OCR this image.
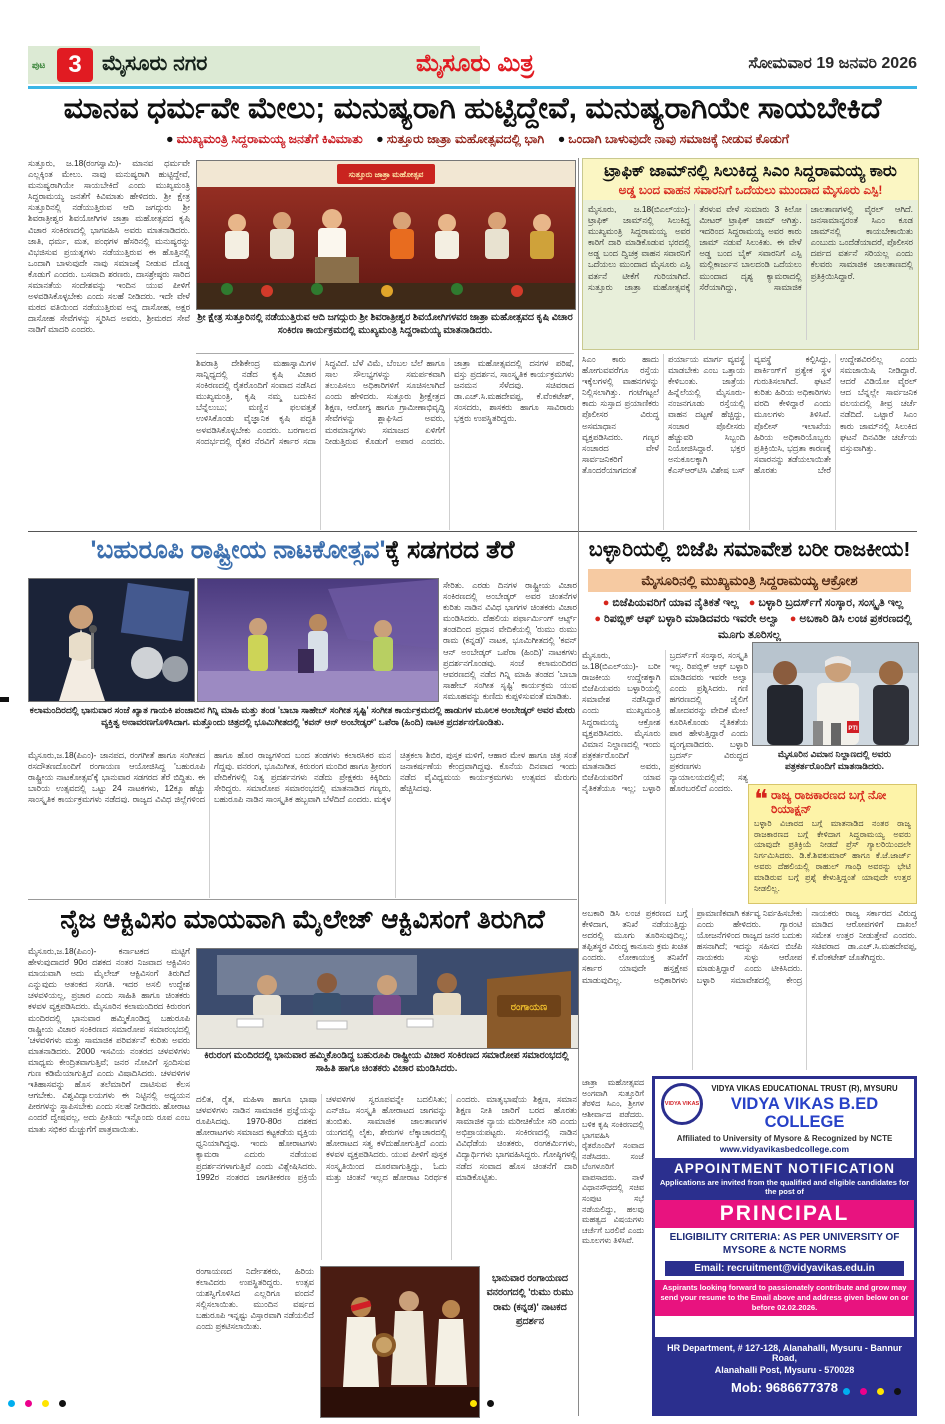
ಪುಟ 3 ಮೈಸೂರು ನಗರ	ಮೈಸೂರು ಮಿತ್ರ	ಸೋಮವಾರ 19 ಜನವರಿ 2026
ಮಾನವ ಧರ್ಮವೇ ಮೇಲು; ಮನುಷ್ಯರಾಗಿ ಹುಟ್ಟಿದ್ದೇವೆ, ಮನುಷ್ಯರಾಗಿಯೇ ಸಾಯಬೇಕಿದೆ
● ಮುಖ್ಯಮಂತ್ರಿ ಸಿದ್ದರಾಮಯ್ಯ ಜನತೆಗೆ ಕಿವಿಮಾತು ● ಸುತ್ತೂರು ಜಾತ್ರಾ ಮಹೋತ್ಸವದಲ್ಲಿ ಭಾಗಿ ● ಒಂದಾಗಿ ಬಾಳುವುದೇ ನಾವು ಸಮಾಜಕ್ಕೆ ನೀಡುವ ಕೊಡುಗೆ
ಸುತ್ತೂರು, ಜ.18(ರಂಗಸ್ವಾಮಿ)- ಮಾನವ ಧರ್ಮವೇ ಎಲ್ಲಕ್ಕಿಂತ ಮೇಲು. ನಾವು ಮನುಷ್ಯರಾಗಿ ಹುಟ್ಟಿದ್ದೇವೆ, ಮನುಷ್ಯರಾಗಿಯೇ ಸಾಯಬೇಕಿದೆ ಎಂದು ಮುಖ್ಯಮಂತ್ರಿ ಸಿದ್ದರಾಮಯ್ಯ ಜನತೆಗೆ ಕಿವಿಮಾತು ಹೇಳಿದರು. ಶ್ರೀ ಕ್ಷೇತ್ರ ಸುತ್ತೂರಿನಲ್ಲಿ ನಡೆಯುತ್ತಿರುವ ಆದಿ ಜಗದ್ಗುರು ಶ್ರೀ ಶಿವರಾತ್ರೀಶ್ವರ ಶಿವಯೋಗಿಗಳ ಜಾತ್ರಾ ಮಹೋತ್ಸವದ ಕೃಷಿ ವಿಚಾರ ಸಂಕಿರಣದಲ್ಲಿ ಭಾಗವಹಿಸಿ ಅವರು ಮಾತನಾಡಿದರು. ಜಾತಿ, ಧರ್ಮ, ಮತ, ಪಂಥಗಳ ಹೆಸರಿನಲ್ಲಿ ಮನುಷ್ಯರನ್ನು ವಿಭಜಿಸುವ ಪ್ರಯತ್ನಗಳು ನಡೆಯುತ್ತಿರುವ ಈ ಹೊತ್ತಿನಲ್ಲಿ ಒಂದಾಗಿ ಬಾಳುವುದೇ ನಾವು ಸಮಾಜಕ್ಕೆ ನೀಡುವ ದೊಡ್ಡ ಕೊಡುಗೆ ಎಂದರು. ಬಸವಾದಿ ಶರಣರು, ದಾಸಶ್ರೇಷ್ಠರು ಸಾರಿದ ಸಮಾನತೆಯ ಸಂದೇಶವನ್ನು ಇಂದಿನ ಯುವ ಪೀಳಿಗೆ ಅಳವಡಿಸಿಕೊಳ್ಳಬೇಕು ಎಂದು ಸಲಹೆ ನೀಡಿದರು. ಇದೇ ವೇಳೆ ಮಠದ ವತಿಯಿಂದ ನಡೆಯುತ್ತಿರುವ ಅನ್ನ ದಾಸೋಹ, ಅಕ್ಷರ ದಾಸೋಹ ಸೇವೆಗಳನ್ನು ಸ್ಮರಿಸಿದ ಅವರು, ಶ್ರೀಮಠದ ಸೇವೆ ನಾಡಿಗೆ ಮಾದರಿ ಎಂದರು.
ಸುತ್ತೂರು ಜಾತ್ರಾ ಮಹೋತ್ಸವ
ಶ್ರೀ ಕ್ಷೇತ್ರ ಸುತ್ತೂರಿನಲ್ಲಿ ನಡೆಯುತ್ತಿರುವ ಆದಿ ಜಗದ್ಗುರು ಶ್ರೀ ಶಿವರಾತ್ರೀಶ್ವರ ಶಿವಯೋಗಿಗಳವರ ಜಾತ್ರಾ ಮಹೋತ್ಸವದ ಕೃಷಿ ವಿಚಾರ ಸಂಕಿರಣ ಕಾರ್ಯಕ್ರಮದಲ್ಲಿ ಮುಖ್ಯಮಂತ್ರಿ ಸಿದ್ದರಾಮಯ್ಯ ಮಾತನಾಡಿದರು.
ಶಿವರಾತ್ರಿ ದೇಶಿಕೇಂದ್ರ ಮಹಾಸ್ವಾಮಿಗಳ ಸಾನ್ನಿಧ್ಯದಲ್ಲಿ ನಡೆದ ಕೃಷಿ ವಿಚಾರ ಸಂಕಿರಣದಲ್ಲಿ ರೈತರೊಂದಿಗೆ ಸಂವಾದ ನಡೆಸಿದ ಮುಖ್ಯಮಂತ್ರಿ, ಕೃಷಿ ನಮ್ಮ ಬದುಕಿನ ಬೆನ್ನೆಲುಬು; ಮಣ್ಣಿನ ಫಲವತ್ತತೆ ಉಳಿಸಿಕೊಂಡು ವೈಜ್ಞಾನಿಕ ಕೃಷಿ ಪದ್ಧತಿ ಅಳವಡಿಸಿಕೊಳ್ಳಬೇಕು ಎಂದರು. ಬರಗಾಲದ ಸಂದರ್ಭದಲ್ಲಿ ರೈತರ ನೆರವಿಗೆ ಸರ್ಕಾರ ಸದಾ ಸಿದ್ಧವಿದೆ. ಬೆಳೆ ವಿಮೆ, ಬೆಂಬಲ ಬೆಲೆ ಹಾಗೂ ಸಾಲ ಸೌಲಭ್ಯಗಳನ್ನು ಸಮರ್ಪಕವಾಗಿ ತಲುಪಿಸಲು ಅಧಿಕಾರಿಗಳಿಗೆ ಸೂಚಿಸಲಾಗಿದೆ ಎಂದು ಹೇಳಿದರು. ಸುತ್ತೂರು ಶ್ರೀಕ್ಷೇತ್ರದ ಶಿಕ್ಷಣ, ಆರೋಗ್ಯ ಹಾಗೂ ಗ್ರಾಮೀಣಾಭಿವೃದ್ಧಿ ಸೇವೆಗಳನ್ನು ಶ್ಲಾಘಿಸಿದ ಅವರು, ಮಠಮಾನ್ಯಗಳು ಸಮಾಜದ ಏಳಿಗೆಗೆ ನೀಡುತ್ತಿರುವ ಕೊಡುಗೆ ಅಪಾರ ಎಂದರು. ಜಾತ್ರಾ ಮಹೋತ್ಸವದಲ್ಲಿ ದನಗಳ ಪರಿಷೆ, ವಸ್ತು ಪ್ರದರ್ಶನ, ಸಾಂಸ್ಕೃತಿಕ ಕಾರ್ಯಕ್ರಮಗಳು ಜನಮನ ಸೆಳೆದವು. ಸಚಿವರಾದ ಡಾ.ಎಚ್.ಸಿ.ಮಹದೇವಪ್ಪ, ಕೆ.ವೆಂಕಟೇಶ್, ಸಂಸದರು, ಶಾಸಕರು ಹಾಗೂ ಸಾವಿರಾರು ಭಕ್ತರು ಉಪಸ್ಥಿತರಿದ್ದರು.
ಟ್ರಾಫಿಕ್ ಜಾಮ್‌ನಲ್ಲಿ ಸಿಲುಕಿದ್ದ ಸಿಎಂ ಸಿದ್ದರಾಮಯ್ಯ ಕಾರು
ಅಡ್ಡ ಬಂದ ವಾಹನ ಸವಾರನಿಗೆ ಒದೆಯಲು ಮುಂದಾದ ಮೈಸೂರು ಎಸ್ಪಿ!
ಮೈಸೂರು, ಜ.18(ಬಿಎಲ್‌ಯು)- ಟ್ರಾಫಿಕ್ ಜಾಮ್‌ನಲ್ಲಿ ಸಿಲುಕಿದ್ದ ಮುಖ್ಯಮಂತ್ರಿ ಸಿದ್ದರಾಮಯ್ಯ ಅವರ ಕಾರಿಗೆ ದಾರಿ ಮಾಡಿಕೊಡುವ ಭರದಲ್ಲಿ ಅಡ್ಡ ಬಂದ ದ್ವಿಚಕ್ರ ವಾಹನ ಸವಾರನಿಗೆ ಒದೆಯಲು ಮುಂದಾದ ಮೈಸೂರು ಎಸ್ಪಿ ವರ್ತನೆ ಟೀಕೆಗೆ ಗುರಿಯಾಗಿದೆ. ಸುತ್ತೂರು ಜಾತ್ರಾ ಮಹೋತ್ಸವಕ್ಕೆ ತೆರಳುವ ವೇಳೆ ಸುಮಾರು 3 ಕಿಲೋ ಮೀಟರ್ ಟ್ರಾಫಿಕ್ ಜಾಮ್ ಆಗಿತ್ತು. ಇದರಿಂದ ಸಿದ್ದರಾಮಯ್ಯ ಅವರ ಕಾರು ಜಾಮ್ ನಡುವೆ ಸಿಲುಕಿತು. ಈ ವೇಳೆ ಅಡ್ಡ ಬಂದ ಬೈಕ್ ಸವಾರನಿಗೆ ಎಸ್ಪಿ ಮಲ್ಲಿಕಾರ್ಜುನ ಬಾಲದಂಡಿ ಒದೆಯಲು ಮುಂದಾದ ದೃಶ್ಯ ಕ್ಯಾಮರಾದಲ್ಲಿ ಸೆರೆಯಾಗಿದ್ದು, ಸಾಮಾಜಿಕ ಜಾಲತಾಣಗಳಲ್ಲಿ ವೈರಲ್ ಆಗಿದೆ. ಜನಸಾಮಾನ್ಯರಂತೆ ಸಿಎಂ ಕೂಡ ಜಾಮ್‌ನಲ್ಲಿ ಕಾಯಬೇಕಾಯಿತು ಎಂಬುದು ಒಂದೆಡೆಯಾದರೆ, ಪೊಲೀಸರ ದರ್ಪದ ವರ್ತನೆ ಸರಿಯಲ್ಲ ಎಂದು ಕೆಲವರು ಸಾಮಾಜಿಕ ಜಾಲತಾಣದಲ್ಲಿ ಪ್ರತಿಕ್ರಿಯಿಸಿದ್ದಾರೆ.
ಸಿಎಂ ಕಾರು ಹಾದು ಹೋಗುವವರೆಗೂ ರಸ್ತೆಯ ಇಕ್ಕೆಲಗಳಲ್ಲಿ ವಾಹನಗಳನ್ನು ನಿಲ್ಲಿಸಲಾಗಿತ್ತು. ಗಂಟೆಗಟ್ಟಲೆ ಕಾದು ಸುಸ್ತಾದ ಪ್ರಯಾಣಿಕರು ಪೊಲೀಸರ ವಿರುದ್ಧ ಅಸಮಾಧಾನ ವ್ಯಕ್ತಪಡಿಸಿದರು. ಗಣ್ಯರ ಸಂಚಾರದ ವೇಳೆ ಸಾರ್ವಜನಿಕರಿಗೆ ತೊಂದರೆಯಾಗದಂತೆ ಪರ್ಯಾಯ ಮಾರ್ಗ ವ್ಯವಸ್ಥೆ ಮಾಡಬೇಕು ಎಂಬ ಒತ್ತಾಯ ಕೇಳಿಬಂತು. ಜಾತ್ರೆಯ ಹಿನ್ನೆಲೆಯಲ್ಲಿ ಮೈಸೂರು-ನಂಜನಗೂಡು ರಸ್ತೆಯಲ್ಲಿ ವಾಹನ ದಟ್ಟಣೆ ಹೆಚ್ಚಿದ್ದು, ಸಂಚಾರ ಪೊಲೀಸರು ಹೆಚ್ಚುವರಿ ಸಿಬ್ಬಂದಿ ನಿಯೋಜಿಸಿದ್ದಾರೆ. ಭಕ್ತರ ಅನುಕೂಲಕ್ಕಾಗಿ ಕೆಎಸ್ಆರ್‌ಟಿಸಿ ವಿಶೇಷ ಬಸ್ ವ್ಯವಸ್ಥೆ ಕಲ್ಪಿಸಿದ್ದು, ಪಾರ್ಕಿಂಗ್‌ಗೆ ಪ್ರತ್ಯೇಕ ಸ್ಥಳ ಗುರುತಿಸಲಾಗಿದೆ. ಘಟನೆ ಕುರಿತು ಹಿರಿಯ ಅಧಿಕಾರಿಗಳು ವರದಿ ಕೇಳಿದ್ದಾರೆ ಎಂದು ಮೂಲಗಳು ತಿಳಿಸಿವೆ. ಪೊಲೀಸ್ ಇಲಾಖೆಯ ಹಿರಿಯ ಅಧಿಕಾರಿಯೊಬ್ಬರು ಪ್ರತಿಕ್ರಿಯಿಸಿ, ಭದ್ರತಾ ಕಾರಣಕ್ಕೆ ಸವಾರನನ್ನು ತಡೆಯಲಾಯಿತೇ ಹೊರತು ಬೇರೆ ಉದ್ದೇಶವಿರಲಿಲ್ಲ ಎಂದು ಸಮಜಾಯಿಷಿ ನೀಡಿದ್ದಾರೆ. ಆದರೆ ವಿಡಿಯೋ ವೈರಲ್ ಆದ ಬೆನ್ನಲ್ಲೇ ಸಾರ್ವಜನಿಕ ವಲಯದಲ್ಲಿ ತೀವ್ರ ಚರ್ಚೆ ನಡೆದಿದೆ. ಒಟ್ಟಾರೆ ಸಿಎಂ ಕಾರು ಜಾಮ್‌ನಲ್ಲಿ ಸಿಲುಕಿದ ಘಟನೆ ದಿನವಿಡೀ ಚರ್ಚೆಯ ವಸ್ತುವಾಗಿತ್ತು.
'ಬಹುರೂಪಿ ರಾಷ್ಟ್ರೀಯ ನಾಟಕೋತ್ಸವ'ಕ್ಕೆ ಸಡಗರದ ತೆರೆ
ಸೇರಿತು. ಎರಡು ದಿನಗಳ ರಾಷ್ಟ್ರೀಯ ವಿಚಾರ ಸಂಕಿರಣದಲ್ಲಿ ಅಂಬೇಡ್ಕರ್ ಅವರ ಚಿಂತನೆಗಳ ಕುರಿತು ನಾಡಿನ ವಿವಿಧ ಭಾಗಗಳ ಚಿಂತಕರು ವಿಚಾರ ಮಂಡಿಸಿದರು. ದೆಹಲಿಯ ಪರ್ಫಾರ್ಮಿಂಗ್ ಆರ್ಟ್ಸ್ ತಂಡದಿಂದ ಪ್ರಧಾನ ವೇದಿಕೆಯಲ್ಲಿ 'ರುಮು ರುಮು ರಾಮ (ಕನ್ನಡ)' ನಾಟಕ, ಭೂಮಿಗೀತದಲ್ಲಿ 'ಕವನ್ ಆನ್ ಅಂಬೇಡ್ಕರ್ ಒಪೆರಾ (ಹಿಂದಿ)' ನಾಟಕಗಳು ಪ್ರದರ್ಶನಗೊಂಡವು. ಸಂಜೆ ಕಲಾಮಂದಿರದ ಆವರಣದಲ್ಲಿ ನಡೆದ ಗಿನ್ನಿ ಮಾಹಿ ತಂಡದ 'ಬಾಬಾ ಸಾಹೇಬ್ ಸಂಗೀತ ಸೃಷ್ಟಿ' ಕಾರ್ಯಕ್ರಮ ಯುವ ಸಮೂಹವನ್ನು ಕುಣಿದು ಕುಪ್ಪಳಿಸುವಂತೆ ಮಾಡಿತು.
ಕಲಾಮಂದಿರದಲ್ಲಿ ಭಾನುವಾರ ಸಂಜೆ ಖ್ಯಾತ ಗಾಯಕಿ ಪಂಜಾಬಿನ ಗಿನ್ನಿ ಮಾಹಿ ಮತ್ತು ತಂಡ 'ಬಾಬಾ ಸಾಹೇಬ್ ಸಂಗೀತ ಸೃಷ್ಟಿ' ಸಂಗೀತ ಕಾರ್ಯಕ್ರಮದಲ್ಲಿ ಹಾಡುಗಳ ಮೂಲಕ ಅಂಬೇಡ್ಕರ್ ಅವರ ಮೇರು ವ್ಯಕ್ತಿತ್ವ ಅನಾವರಣಗೊಳಿಸಿದಾಗ. ಮತ್ತೊಂದು ಚಿತ್ರದಲ್ಲಿ ಭೂಮಿಗೀತದಲ್ಲಿ 'ಕವನ್ ಆನ್ ಅಂಬೇಡ್ಕರ್' ಒಪೆರಾ (ಹಿಂದಿ) ನಾಟಕ ಪ್ರದರ್ಶನಗೊಂಡಿತು.
ಮೈಸೂರು,ಜ.18(ಪಿಎಂ)- ಜಾನಪದ, ರಂಗಗೀತೆ ಹಾಗೂ ಸಂಗೀತದ ರಸದೌತಣದೊಂದಿಗೆ ರಂಗಾಯಣ ಆಯೋಜಿಸಿದ್ದ 'ಬಹುರೂಪಿ ರಾಷ್ಟ್ರೀಯ ನಾಟಕೋತ್ಸವ'ಕ್ಕೆ ಭಾನುವಾರ ಸಡಗರದ ತೆರೆ ಬಿದ್ದಿತು. ಈ ಬಾರಿಯ ಉತ್ಸವದಲ್ಲಿ ಒಟ್ಟು 24 ನಾಟಕಗಳು, 12ಕ್ಕೂ ಹೆಚ್ಚು ಸಾಂಸ್ಕೃತಿಕ ಕಾರ್ಯಕ್ರಮಗಳು ನಡೆದವು. ರಾಜ್ಯದ ವಿವಿಧ ಜಿಲ್ಲೆಗಳಿಂದ ಹಾಗೂ ಹೊರ ರಾಜ್ಯಗಳಿಂದ ಬಂದ ತಂಡಗಳು ಕಲಾರಸಿಕರ ಮನ ಗೆದ್ದವು. ವನರಂಗ, ಭೂಮಿಗೀತ, ಕಿರುರಂಗ ಮಂದಿರ ಹಾಗೂ ಶ್ರೀರಂಗ ವೇದಿಕೆಗಳಲ್ಲಿ ನಿತ್ಯ ಪ್ರದರ್ಶನಗಳು ನಡೆದು ಪ್ರೇಕ್ಷಕರು ಕಿಕ್ಕಿರಿದು ಸೇರಿದ್ದರು. ಸಮಾರೋಪ ಸಮಾರಂಭದಲ್ಲಿ ಮಾತನಾಡಿದ ಗಣ್ಯರು, ಬಹುರೂಪಿ ನಾಡಿನ ಸಾಂಸ್ಕೃತಿಕ ಹಬ್ಬವಾಗಿ ಬೆಳೆದಿದೆ ಎಂದರು. ಮಕ್ಕಳ ಚಿತ್ರಕಲಾ ಶಿಬಿರ, ಪುಸ್ತಕ ಮಳಿಗೆ, ಆಹಾರ ಮೇಳ ಹಾಗೂ ಚಿತ್ರ ಸಂತೆ ಜನಾಕರ್ಷಣೆಯ ಕೇಂದ್ರವಾಗಿದ್ದವು. ಕೊನೆಯ ದಿನವಾದ ಇಂದು ನಡೆದ ವೈವಿಧ್ಯಮಯ ಕಾರ್ಯಕ್ರಮಗಳು ಉತ್ಸವದ ಮೆರುಗು ಹೆಚ್ಚಿಸಿದವು.
ಬಳ್ಳಾರಿಯಲ್ಲಿ ಬಿಜೆಪಿ ಸಮಾವೇಶ ಬರೀ ರಾಜಕೀಯ!
ಮೈಸೂರಿನಲ್ಲಿ ಮುಖ್ಯಮಂತ್ರಿ ಸಿದ್ದರಾಮಯ್ಯ ಆಕ್ರೋಶ
● ಬಿಜೆಪಿಯವರಿಗೆ ಯಾವ ನೈತಿಕತೆ ಇಲ್ಲ ● ಬಳ್ಳಾರಿ ಬ್ರದರ್ಸ್‌ಗೆ ಸಂಸ್ಕಾರ, ಸಂಸ್ಕೃತಿ ಇಲ್ಲ ● ರಿಪಬ್ಲಿಕ್ ಆಫ್ ಬಳ್ಳಾರಿ ಮಾಡಿದವರು ಇವರೇ ಅಲ್ವಾ ● ಅಬಕಾರಿ ಡಿಸಿ ಲಂಚ ಪ್ರಕರಣದಲ್ಲಿ ಮೂಗು ತೂರಿಸಲ್ಲ
ಮೈಸೂರು, ಜ.18(ಬಿಎಲ್‌ಯು)- ಬರೀ ರಾಜಕೀಯ ಉದ್ದೇಶಕ್ಕಾಗಿ ಬಿಜೆಪಿಯವರು ಬಳ್ಳಾರಿಯಲ್ಲಿ ಸಮಾವೇಶ ನಡೆಸಿದ್ದಾರೆ ಎಂದು ಮುಖ್ಯಮಂತ್ರಿ ಸಿದ್ದರಾಮಯ್ಯ ಆಕ್ರೋಶ ವ್ಯಕ್ತಪಡಿಸಿದರು. ಮೈಸೂರು ವಿಮಾನ ನಿಲ್ದಾಣದಲ್ಲಿ ಇಂದು ಪತ್ರಕರ್ತರೊಂದಿಗೆ ಮಾತನಾಡಿದ ಅವರು, ಬಿಜೆಪಿಯವರಿಗೆ ಯಾವ ನೈತಿಕತೆಯೂ ಇಲ್ಲ; ಬಳ್ಳಾರಿ ಬ್ರದರ್ಸ್‌ಗೆ ಸಂಸ್ಕಾರ, ಸಂಸ್ಕೃತಿ ಇಲ್ಲ. ರಿಪಬ್ಲಿಕ್ ಆಫ್ ಬಳ್ಳಾರಿ ಮಾಡಿದವರು ಇವರೇ ಅಲ್ವಾ ಎಂದು ಪ್ರಶ್ನಿಸಿದರು. ಗಣಿ ಹಗರಣದಲ್ಲಿ ಜೈಲಿಗೆ ಹೋದವರನ್ನು ವೇದಿಕೆ ಮೇಲೆ ಕೂರಿಸಿಕೊಂಡು ನೈತಿಕತೆಯ ಪಾಠ ಹೇಳುತ್ತಿದ್ದಾರೆ ಎಂದು ವ್ಯಂಗ್ಯವಾಡಿದರು. ಬಳ್ಳಾರಿ ಬ್ರದರ್ಸ್ ವಿರುದ್ಧದ ಪ್ರಕರಣಗಳು ನ್ಯಾಯಾಲಯದಲ್ಲಿವೆ; ಸತ್ಯ ಹೊರಬರಲಿದೆ ಎಂದರು.
PTI
ಮೈಸೂರಿನ ವಿಮಾನ ನಿಲ್ದಾಣದಲ್ಲಿ ಅವರು ಪತ್ರಕರ್ತರೊಂದಿಗೆ ಮಾತನಾಡಿದರು.
❝ ರಾಜ್ಯ ರಾಜಕಾರಣದ ಬಗ್ಗೆ ನೋ ರಿಯಾಕ್ಷನ್
ಬಳ್ಳಾರಿ ವಿಚಾರದ ಬಗ್ಗೆ ಮಾತನಾಡಿದ ನಂತರ ರಾಜ್ಯ ರಾಜಕಾರಣದ ಬಗ್ಗೆ ಕೇಳಿದಾಗ ಸಿದ್ದರಾಮಯ್ಯ ಅವರು ಯಾವುದೇ ಪ್ರತಿಕ್ರಿಯೆ ನೀಡದೆ ಪ್ರೆಸ್ ಗ್ಯಾಲರಿಯಿಂದಲೇ ನಿರ್ಗಮಿಸಿದರು. ಡಿ.ಕೆ.ಶಿವಕುಮಾರ್ ಹಾಗೂ ಕೆ.ಜೆ.ಜಾರ್ಜ್ ಅವರು ದೆಹಲಿಯಲ್ಲಿ ರಾಹುಲ್ ಗಾಂಧಿ ಅವರನ್ನು ಭೇಟಿ ಮಾಡಿರುವ ಬಗ್ಗೆ ಪ್ರಶ್ನೆ ಕೇಳುತ್ತಿದ್ದಂತೆ ಯಾವುದೇ ಉತ್ತರ ನೀಡಲಿಲ್ಲ.
ಅಬಕಾರಿ ಡಿಸಿ ಲಂಚ ಪ್ರಕರಣದ ಬಗ್ಗೆ ಕೇಳಿದಾಗ, ತನಿಖೆ ನಡೆಯುತ್ತಿದ್ದು ಅದರಲ್ಲಿ ಮೂಗು ತೂರಿಸುವುದಿಲ್ಲ; ತಪ್ಪಿತಸ್ಥರ ವಿರುದ್ಧ ಕಾನೂನು ಕ್ರಮ ಖಚಿತ ಎಂದರು. ಲೋಕಾಯುಕ್ತ ತನಿಖೆಗೆ ಸರ್ಕಾರ ಯಾವುದೇ ಹಸ್ತಕ್ಷೇಪ ಮಾಡುವುದಿಲ್ಲ. ಅಧಿಕಾರಿಗಳು ಪ್ರಾಮಾಣಿಕವಾಗಿ ಕರ್ತವ್ಯ ನಿರ್ವಹಿಸಬೇಕು ಎಂದು ಹೇಳಿದರು. ಗ್ಯಾರಂಟಿ ಯೋಜನೆಗಳಿಂದ ರಾಜ್ಯದ ಜನರ ಬದುಕು ಹಸನಾಗಿದೆ; ಇದನ್ನು ಸಹಿಸದ ಬಿಜೆಪಿ ನಾಯಕರು ಸುಳ್ಳು ಆರೋಪ ಮಾಡುತ್ತಿದ್ದಾರೆ ಎಂದು ಟೀಕಿಸಿದರು. ಬಳ್ಳಾರಿ ಸಮಾವೇಶದಲ್ಲಿ ಕೇಂದ್ರ ನಾಯಕರು ರಾಜ್ಯ ಸರ್ಕಾರದ ವಿರುದ್ಧ ಮಾಡಿದ ಆರೋಪಗಳಿಗೆ ದಾಖಲೆ ಸಮೇತ ಉತ್ತರ ನೀಡುತ್ತೇವೆ ಎಂದರು. ಸಚಿವರಾದ ಡಾ.ಎಚ್.ಸಿ.ಮಹದೇವಪ್ಪ, ಕೆ.ವೆಂಕಟೇಶ್ ಜೊತೆಗಿದ್ದರು.
ಜಾತ್ರಾ ಮಹೋತ್ಸವದ ಅಂಗವಾಗಿ ಸುತ್ತೂರಿಗೆ ತೆರಳಿದ ಸಿಎಂ, ಶ್ರೀಗಳ ಆಶೀರ್ವಾದ ಪಡೆದರು. ಬಳಿಕ ಕೃಷಿ ಸಂಕಿರಣದಲ್ಲಿ ಭಾಗವಹಿಸಿ ರೈತರೊಂದಿಗೆ ಸಂವಾದ ನಡೆಸಿದರು. ಸಂಜೆ ಬೆಂಗಳೂರಿಗೆ ವಾಪಸಾದರು. ನಾಳೆ ವಿಧಾನಸೌಧದಲ್ಲಿ ಸಚಿವ ಸಂಪುಟ ಸಭೆ ನಡೆಯಲಿದ್ದು, ಹಲವು ಮಹತ್ವದ ವಿಷಯಗಳು ಚರ್ಚೆಗೆ ಬರಲಿವೆ ಎಂದು ಮೂಲಗಳು ತಿಳಿಸಿವೆ.
ನೈಜ ಆಕ್ಟಿವಿಸಂ ಮಾಯವಾಗಿ ಮೈಲೇಜ್ ಆಕ್ಟಿವಿಸಂಗೆ ತಿರುಗಿದೆ
ಮೈಸೂರು,ಜ.18(ಪಿಎಂ)- ಕರ್ನಾಟಕದ ಮಟ್ಟಿಗೆ ಹೇಳುವುದಾದರೆ 90ರ ದಶಕದ ನಂತರ ನಿಜವಾದ ಆಕ್ಟಿವಿಸಂ ಮಾಯವಾಗಿ ಅದು ಮೈಲೇಜ್ ಆಕ್ಟಿವಿಸಂಗೆ ತಿರುಗಿದೆ ಎನ್ನುವುದು ಆತಂಕದ ಸಂಗತಿ. ಇದರ ಅಸಲಿ ಉದ್ದೇಶ ಚಳವಳಿಯಲ್ಲ, ಪ್ರಚಾರ ಎಂದು ಸಾಹಿತಿ ಹಾಗೂ ಚಿಂತಕರು ಕಳವಳ ವ್ಯಕ್ತಪಡಿಸಿದರು. ಮೈಸೂರಿನ ಕಲಾಮಂದಿರದ ಕಿರುರಂಗ ಮಂದಿರದಲ್ಲಿ ಭಾನುವಾರ ಹಮ್ಮಿಕೊಂಡಿದ್ದ ಬಹುರೂಪಿ ರಾಷ್ಟ್ರೀಯ ವಿಚಾರ ಸಂಕಿರಣದ ಸಮಾರೋಪ ಸಮಾರಂಭದಲ್ಲಿ 'ಚಳವಳಿಗಳು ಮತ್ತು ಸಾಮಾಜಿಕ ಪರಿವರ್ತನೆ' ಕುರಿತು ಅವರು ಮಾತನಾಡಿದರು. 2000 ಇಸವಿಯ ನಂತರದ ಚಳವಳಿಗಳು ಮಾಧ್ಯಮ ಕೇಂದ್ರಿತವಾಗುತ್ತಿವೆ; ಜನರ ನೋವಿಗೆ ಸ್ಪಂದಿಸುವ ಗುಣ ಕಡಿಮೆಯಾಗುತ್ತಿದೆ ಎಂದು ವಿಷಾದಿಸಿದರು. ಚಳವಳಿಗಳ ಇತಿಹಾಸವನ್ನು ಹೊಸ ತಲೆಮಾರಿಗೆ ದಾಟಿಸುವ ಕೆಲಸ ಆಗಬೇಕು. ವಿಶ್ವವಿದ್ಯಾಲಯಗಳು ಈ ನಿಟ್ಟಿನಲ್ಲಿ ಅಧ್ಯಯನ ಪೀಠಗಳನ್ನು ಸ್ಥಾಪಿಸಬೇಕು ಎಂದು ಸಲಹೆ ನೀಡಿದರು. ಹೋರಾಟ ಎಂದರೆ ದ್ವೇಷವಲ್ಲ, ಅದು ಪ್ರೀತಿಯ ಇನ್ನೊಂದು ರೂಪ ಎಂಬ ಮಾತು ಸಭಿಕರ ಮೆಚ್ಚುಗೆಗೆ ಪಾತ್ರವಾಯಿತು.
ರಂಗಾಯಣ
ಕಿರುರಂಗ ಮಂದಿರದಲ್ಲಿ ಭಾನುವಾರ ಹಮ್ಮಿಕೊಂಡಿದ್ದ ಬಹುರೂಪಿ ರಾಷ್ಟ್ರೀಯ ವಿಚಾರ ಸಂಕಿರಣದ ಸಮಾರೋಪ ಸಮಾರಂಭದಲ್ಲಿ ಸಾಹಿತಿ ಹಾಗೂ ಚಿಂತಕರು ವಿಚಾರ ಮಂಡಿಸಿದರು.
ದಲಿತ, ರೈತ, ಮಹಿಳಾ ಹಾಗೂ ಭಾಷಾ ಚಳವಳಿಗಳು ನಾಡಿನ ಸಾಮಾಜಿಕ ಪ್ರಜ್ಞೆಯನ್ನು ರೂಪಿಸಿದವು. 1970-80ರ ದಶಕದ ಹೋರಾಟಗಳು ಸಮಾಜದ ಕಟ್ಟಕಡೆಯ ವ್ಯಕ್ತಿಯ ಧ್ವನಿಯಾಗಿದ್ದವು. ಇಂದು ಹೋರಾಟಗಳು ಕ್ಯಾಮರಾ ಎದುರು ನಡೆಯುವ ಪ್ರದರ್ಶನಗಳಾಗುತ್ತಿವೆ ಎಂದು ವಿಶ್ಲೇಷಿಸಿದರು. 1992ರ ನಂತರದ ಜಾಗತೀಕರಣ ಪ್ರಕ್ರಿಯೆ ಚಳವಳಿಗಳ ಸ್ವರೂಪವನ್ನೇ ಬದಲಿಸಿತು; ಎನ್‌ಜಿಒ ಸಂಸ್ಕೃತಿ ಹೋರಾಟದ ಜಾಗವನ್ನು ತುಂಬಿತು. ಸಾಮಾಜಿಕ ಜಾಲತಾಣಗಳ ಯುಗದಲ್ಲಿ ಲೈಕು, ಶೇರುಗಳ ಲೆಕ್ಕಾಚಾರದಲ್ಲಿ ಹೋರಾಟದ ಸತ್ವ ಕಳೆದುಹೋಗುತ್ತಿದೆ ಎಂದು ಕಳವಳ ವ್ಯಕ್ತಪಡಿಸಿದರು. ಯುವ ಪೀಳಿಗೆ ಪುಸ್ತಕ ಸಂಸ್ಕೃತಿಯಿಂದ ದೂರವಾಗುತ್ತಿದ್ದು, ಓದು ಮತ್ತು ಚಿಂತನೆ ಇಲ್ಲದ ಹೋರಾಟ ನಿರರ್ಥಕ ಎಂದರು. ಮಾತೃಭಾಷೆಯ ಶಿಕ್ಷಣ, ಸಮಾನ ಶಿಕ್ಷಣ ನೀತಿ ಜಾರಿಗೆ ಬರದ ಹೊರತು ಸಾಮಾಜಿಕ ನ್ಯಾಯ ಮರೀಚಿಕೆಯೇ ಸರಿ ಎಂದು ಅಭಿಪ್ರಾಯಪಟ್ಟರು. ಸಂಕಿರಣದಲ್ಲಿ ನಾಡಿನ ವಿವಿಧೆಡೆಯ ಚಿಂತಕರು, ರಂಗಕರ್ಮಿಗಳು, ವಿದ್ಯಾರ್ಥಿಗಳು ಭಾಗವಹಿಸಿದ್ದರು. ಗೋಷ್ಠಿಗಳಲ್ಲಿ ನಡೆದ ಸಂವಾದ ಹೊಸ ಚಿಂತನೆಗೆ ದಾರಿ ಮಾಡಿಕೊಟ್ಟಿತು.
ರಂಗಾಯಣದ ನಿರ್ದೇಶಕರು, ಹಿರಿಯ ಕಲಾವಿದರು ಉಪಸ್ಥಿತರಿದ್ದರು. ಉತ್ಸವ ಯಶಸ್ವಿಗೊಳಿಸಿದ ಎಲ್ಲರಿಗೂ ವಂದನೆ ಸಲ್ಲಿಸಲಾಯಿತು. ಮುಂದಿನ ವರ್ಷದ ಬಹುರೂಪಿ ಇನ್ನಷ್ಟು ವಿಸ್ತಾರವಾಗಿ ನಡೆಯಲಿದೆ ಎಂದು ಪ್ರಕಟಿಸಲಾಯಿತು.
ಭಾನುವಾರ ರಂಗಾಯಣದ ವನರಂಗದಲ್ಲಿ 'ರುಮು ರುಮು ರಾಮ (ಕನ್ನಡ)' ನಾಟಕದ ಪ್ರದರ್ಶನ
VIDYA VIKAS
VIDYA VIKAS EDUCATIONAL TRUST (R), MYSURU
VIDYA VIKAS B.ED COLLEGE
Affiliated to University of Mysore & Recognized by NCTE
www.vidyavikasbedcollege.com
APPOINTMENT NOTIFICATION
Applications are invited from the qualified and eligible candidates for the post of
PRINCIPAL
ELIGIBILITY CRITERIA: AS PER UNIVERSITY OF MYSORE & NCTE NORMS
Email: recruitment@vidyavikas.edu.in
Aspirants looking forward to passionately contribute and grow may send your resume to the Email above and address given below on or before 02.02.2026.
HR Department, # 127-128, Alanahalli, Mysuru - Bannur Road,
Alanahalli Post, Mysuru - 570028
Mob: 9686677378
